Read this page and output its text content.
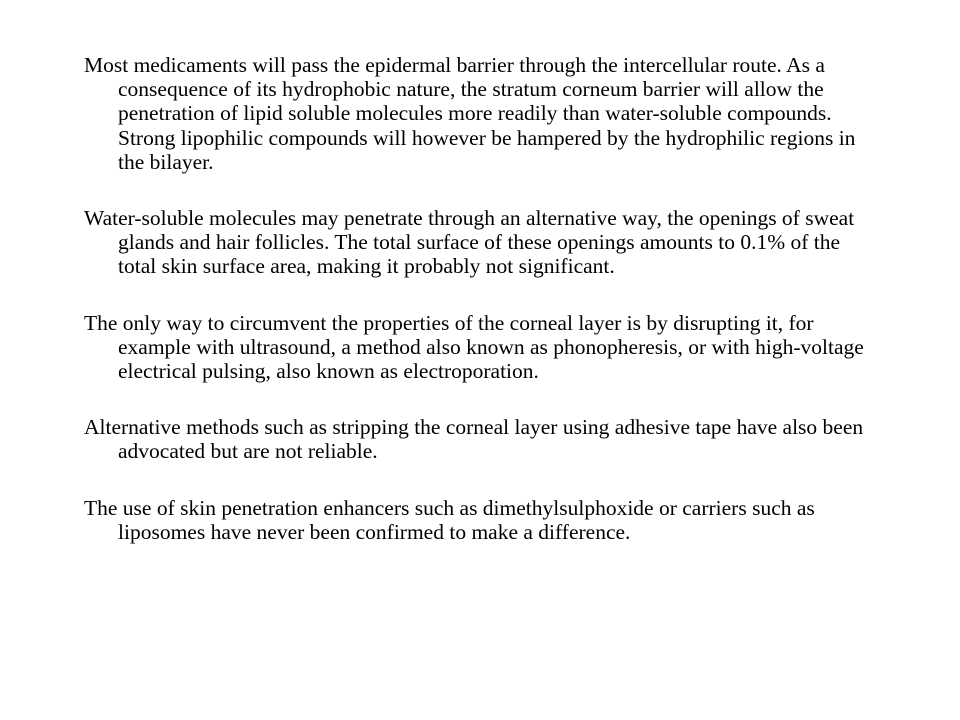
Most medicaments will pass the epidermal barrier through the intercellular route. As a consequence of its hydrophobic nature, the stratum corneum barrier will allow the penetration of lipid soluble molecules more readily than water-soluble compounds. Strong lipophilic compounds will however be hampered by the hydrophilic regions in the bilayer.

Water-soluble molecules may penetrate through an alternative way, the openings of sweat glands and hair follicles. The total surface of these openings amounts to 0.1% of the total skin surface area, making it probably not significant.

The only way to circumvent the properties of the corneal layer is by disrupting it, for example with ultrasound, a method also known as phonopheresis, or with high-voltage electrical pulsing, also known as electroporation.

Alternative methods such as stripping the corneal layer using adhesive tape have also been advocated but are not reliable.

The use of skin penetration enhancers such as dimethylsulphoxide or carriers such as liposomes have never been confirmed to make a difference.
